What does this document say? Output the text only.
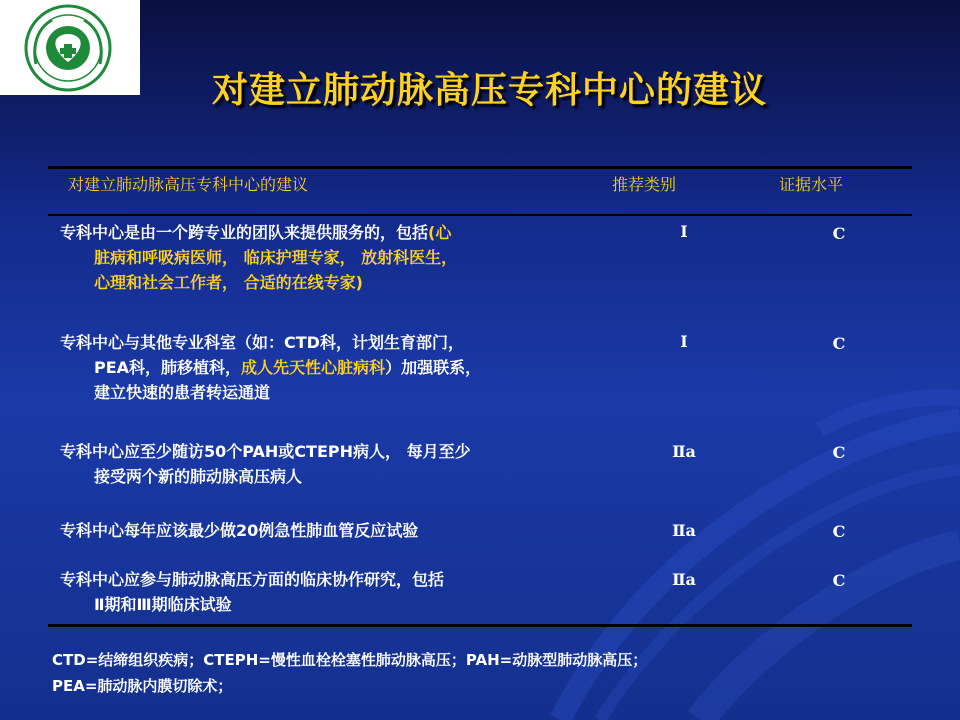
对建立肺动脉高压专科中心的建议
对建立肺动脉高压专科中心的建议	推荐类别	证据水平
专科中心是由一个跨专业的团队来提供服务的，包括(心
脏病和呼吸病医师， 临床护理专家， 放射科医生，
心理和社会工作者， 合适的在线专家)
Ⅰ	C
专科中心与其他专业科室（如：CTD科，计划生育部门，
PEA科，肺移植科，成人先天性心脏病科）加强联系，
建立快速的患者转运通道
Ⅰ	C
专科中心应至少随访50个PAH或CTEPH病人， 每月至少
接受两个新的肺动脉高压病人
Ⅱa	C
专科中心每年应该最少做20例急性肺血管反应试验	Ⅱa	C
专科中心应参与肺动脉高压方面的临床协作研究，包括
Ⅱ期和Ⅲ期临床试验
Ⅱa	C
CTD=结缔组织疾病；CTEPH=慢性血栓栓塞性肺动脉高压；PAH=动脉型肺动脉高压；
PEA=肺动脉内膜切除术；
